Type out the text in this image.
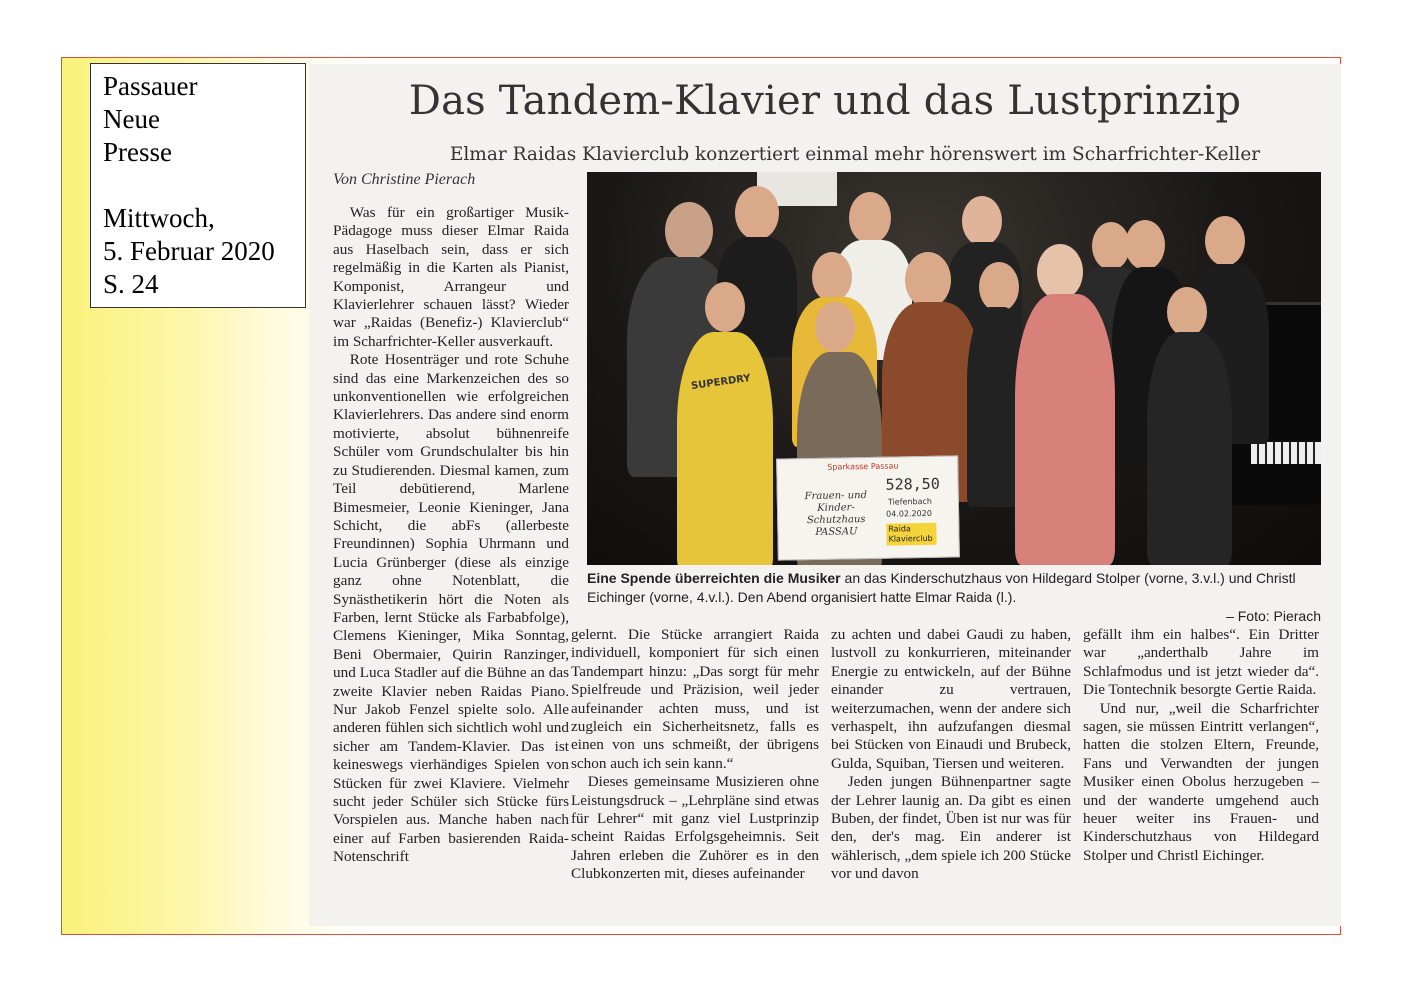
Passauer
Neue
Presse
Mittwoch,
5. Februar 2020
S. 24
Das Tandem-Klavier und das Lustprinzip
Elmar Raidas Klavierclub konzertiert einmal mehr hörenswert im Scharfrichter-Keller
Von Christine Pierach

Was für ein großartiger Musik-Pädagoge muss dieser Elmar Raida aus Haselbach sein, dass er sich regelmäßig in die Karten als Pianist, Komponist, Arrangeur und Klavierlehrer schauen lässt? Wieder war „Raidas (Benefiz-) Klavierclub“ im Scharfrichter-Keller ausverkauft.

Rote Hosenträger und rote Schuhe sind das eine Markenzeichen des so unkonventionellen wie erfolgreichen Klavierlehrers. Das andere sind enorm motivierte, absolut bühnenreife Schüler vom Grundschulalter bis hin zu Studierenden. Diesmal kamen, zum Teil debütierend, Marlene Bimesmeier, Leonie Kieninger, Jana Schicht, die abFs (allerbeste Freundinnen) Sophia Uhrmann und Lucia Grünberger (diese als einzige ganz ohne Notenblatt, die Synästhetikerin hört die Noten als Farben, lernt Stücke als Farbabfolge), Clemens Kieninger, Mika Sonntag, Beni Obermaier, Quirin Ranzinger, und Luca Stadler auf die Bühne an das zweite Klavier neben Raidas Piano. Nur Jakob Fenzel spielte solo. Alle anderen fühlen sich sichtlich wohl und sicher am Tandem-Klavier. Das ist keineswegs vierhändiges Spielen von Stücken für zwei Klaviere. Vielmehr sucht jeder Schüler sich Stücke fürs Vorspielen aus. Manche haben nach einer auf Farben basierenden Raida-Notenschrift

Sparkasse Passau
528,50
Tiefenbach
04.02.2020
Frauen- und Kinder-Schutzhaus PASSAU	Raida Klavierclub
SUPERDRY
Eine Spende überreichten die Musiker an das Kinderschutzhaus von Hildegard Stolper (vorne, 3.v.l.) und Christl Eichinger (vorne, 4.v.l.). Den Abend organisiert hatte Elmar Raida (l.).
– Foto: Pierach

gelernt. Die Stücke arrangiert Raida individuell, komponiert für sich einen Tandempart hinzu: „Das sorgt für mehr Spielfreude und Präzision, weil jeder aufeinander achten muss, und ist zugleich ein Sicherheitsnetz, falls es einen von uns schmeißt, der übrigens schon auch ich sein kann.“

Dieses gemeinsame Musizieren ohne Leistungsdruck – „Lehrpläne sind etwas für Lehrer“ mit ganz viel Lustprinzip scheint Raidas Erfolgsgeheimnis. Seit Jahren erleben die Zuhörer es in den Clubkonzerten mit, dieses aufeinander

zu achten und dabei Gaudi zu haben, lustvoll zu konkurrieren, miteinander Energie zu entwickeln, auf der Bühne einander zu vertrauen, weiterzumachen, wenn der andere sich verhaspelt, ihn aufzufangen diesmal bei Stücken von Einaudi und Brubeck, Gulda, Squiban, Tiersen und weiteren.

Jeden jungen Bühnenpartner sagte der Lehrer launig an. Da gibt es einen Buben, der findet, Üben ist nur was für den, der's mag. Ein anderer ist wählerisch, „dem spiele ich 200 Stücke vor und davon

gefällt ihm ein halbes“. Ein Dritter war „anderthalb Jahre im Schlafmodus und ist jetzt wieder da“. Die Tontechnik besorgte Gertie Raida.

Und nur, „weil die Scharfrichter sagen, sie müssen Eintritt verlangen“, hatten die stolzen Eltern, Freunde, Fans und Verwandten der jungen Musiker einen Obolus herzugeben – und der wanderte umgehend auch heuer weiter ins Frauen- und Kinderschutzhaus von Hildegard Stolper und Christl Eichinger.
